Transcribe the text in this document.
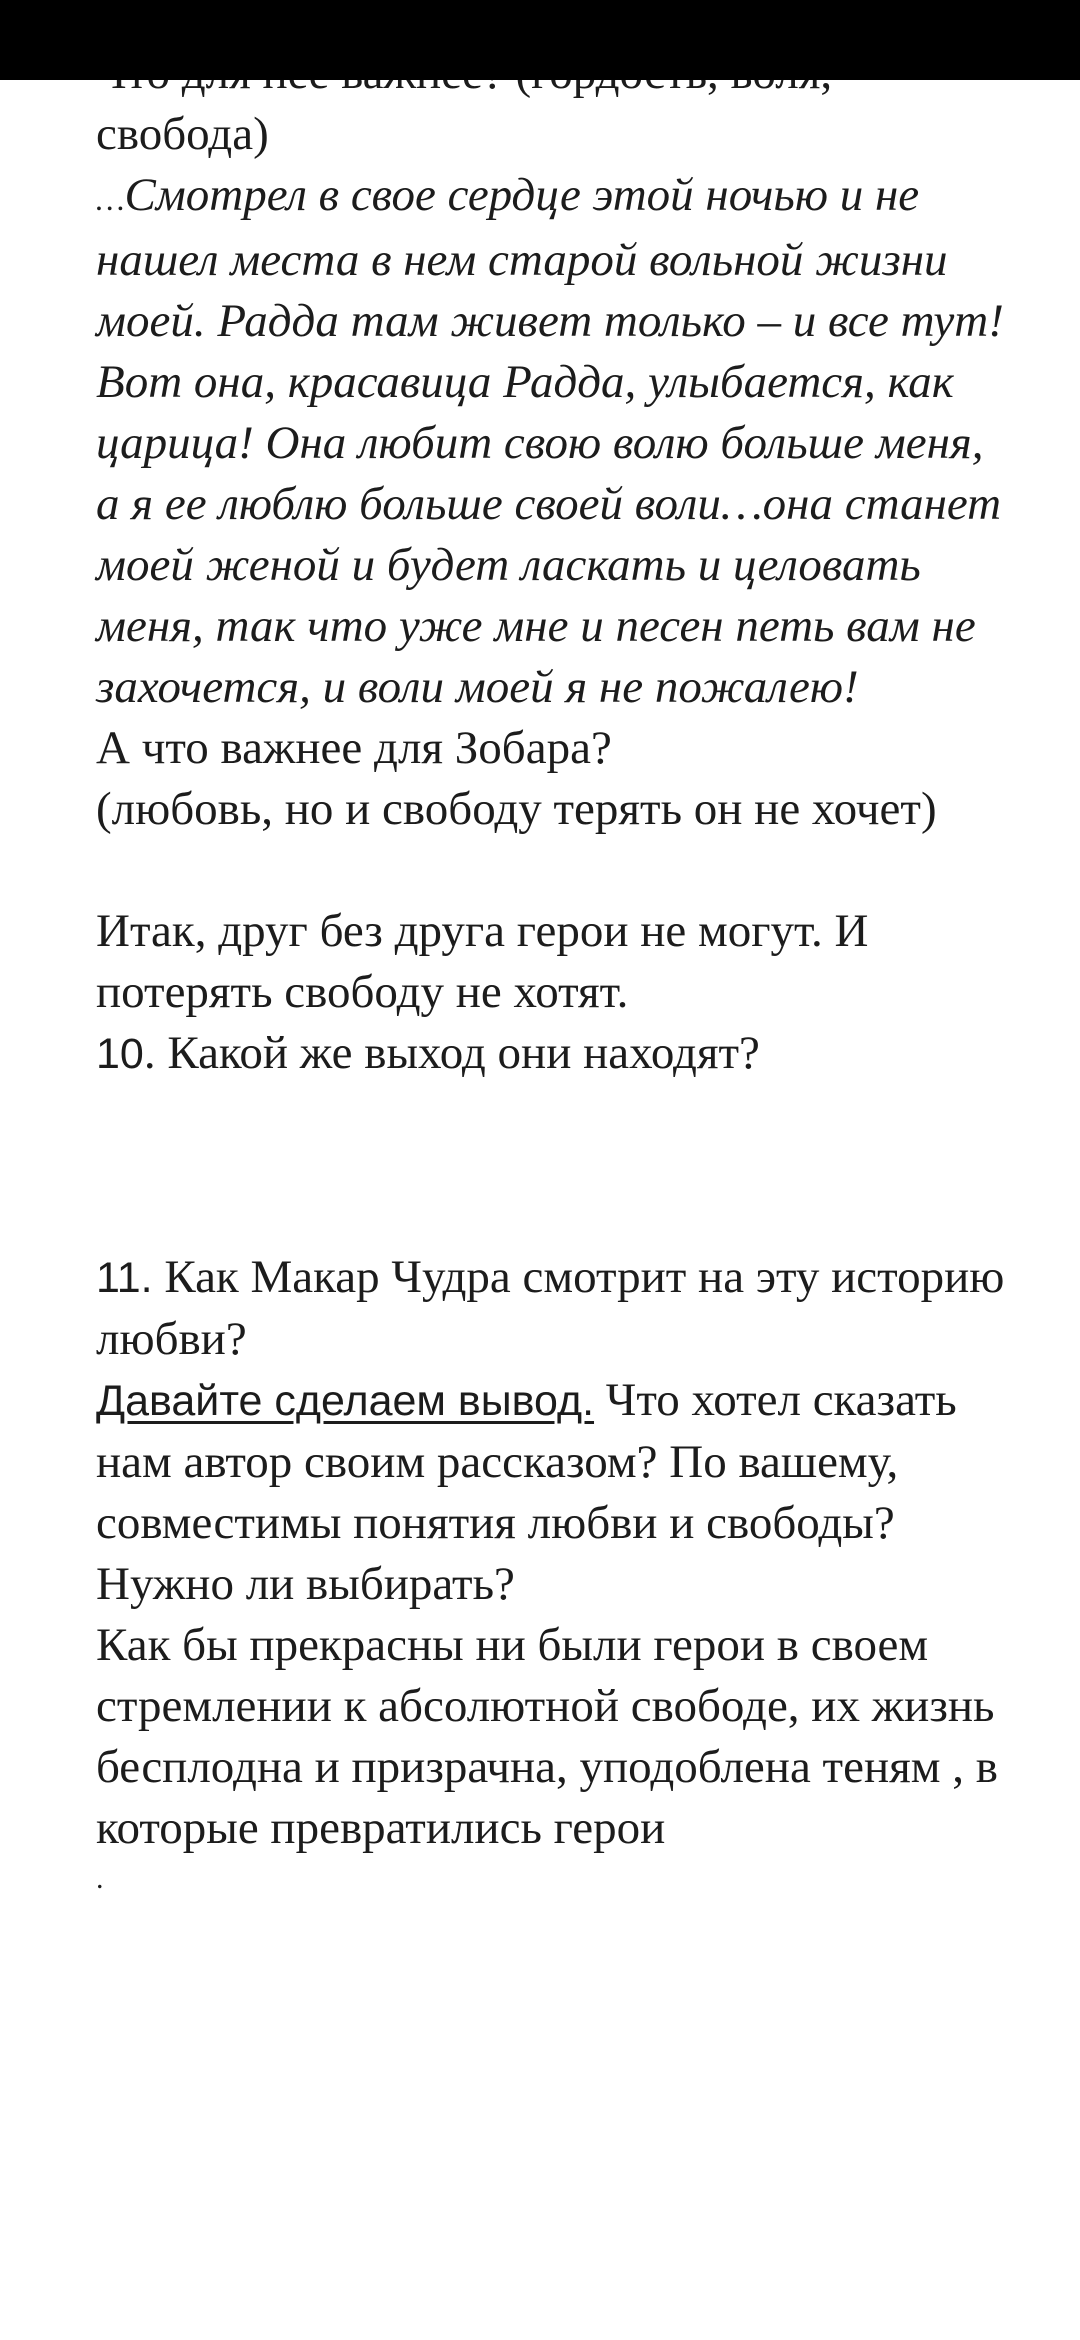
свобода)

…Смотрел в свое сердце этой ночью и не нашел места в нем старой вольной жизни моей. Радда там живет только – и все тут! Вот она, красавица Радда, улыбается, как царица! Она любит свою волю больше меня, а я ее люблю больше своей воли…она станет моей женой и будет ласкать и целовать меня, так что уже мне и песен петь вам не захочется, и воли моей я не пожалею!

А что важнее для Зобара?

(любовь, но и свободу терять он не хочет)

Итак, друг без друга герои не могут. И потерять свободу не хотят.

10. Какой же выход они находят?

11. Как Макар Чудра смотрит на эту историю любви?

Давайте сделаем вывод. Что хотел сказать нам автор своим рассказом? По вашему, совместимы понятия любви и свободы? Нужно ли выбирать?

Как бы прекрасны ни были герои в своем стремлении к абсолютной свободе, их жизнь бесплодна и призрачна, уподоблена теням , в которые превратились герои

.
